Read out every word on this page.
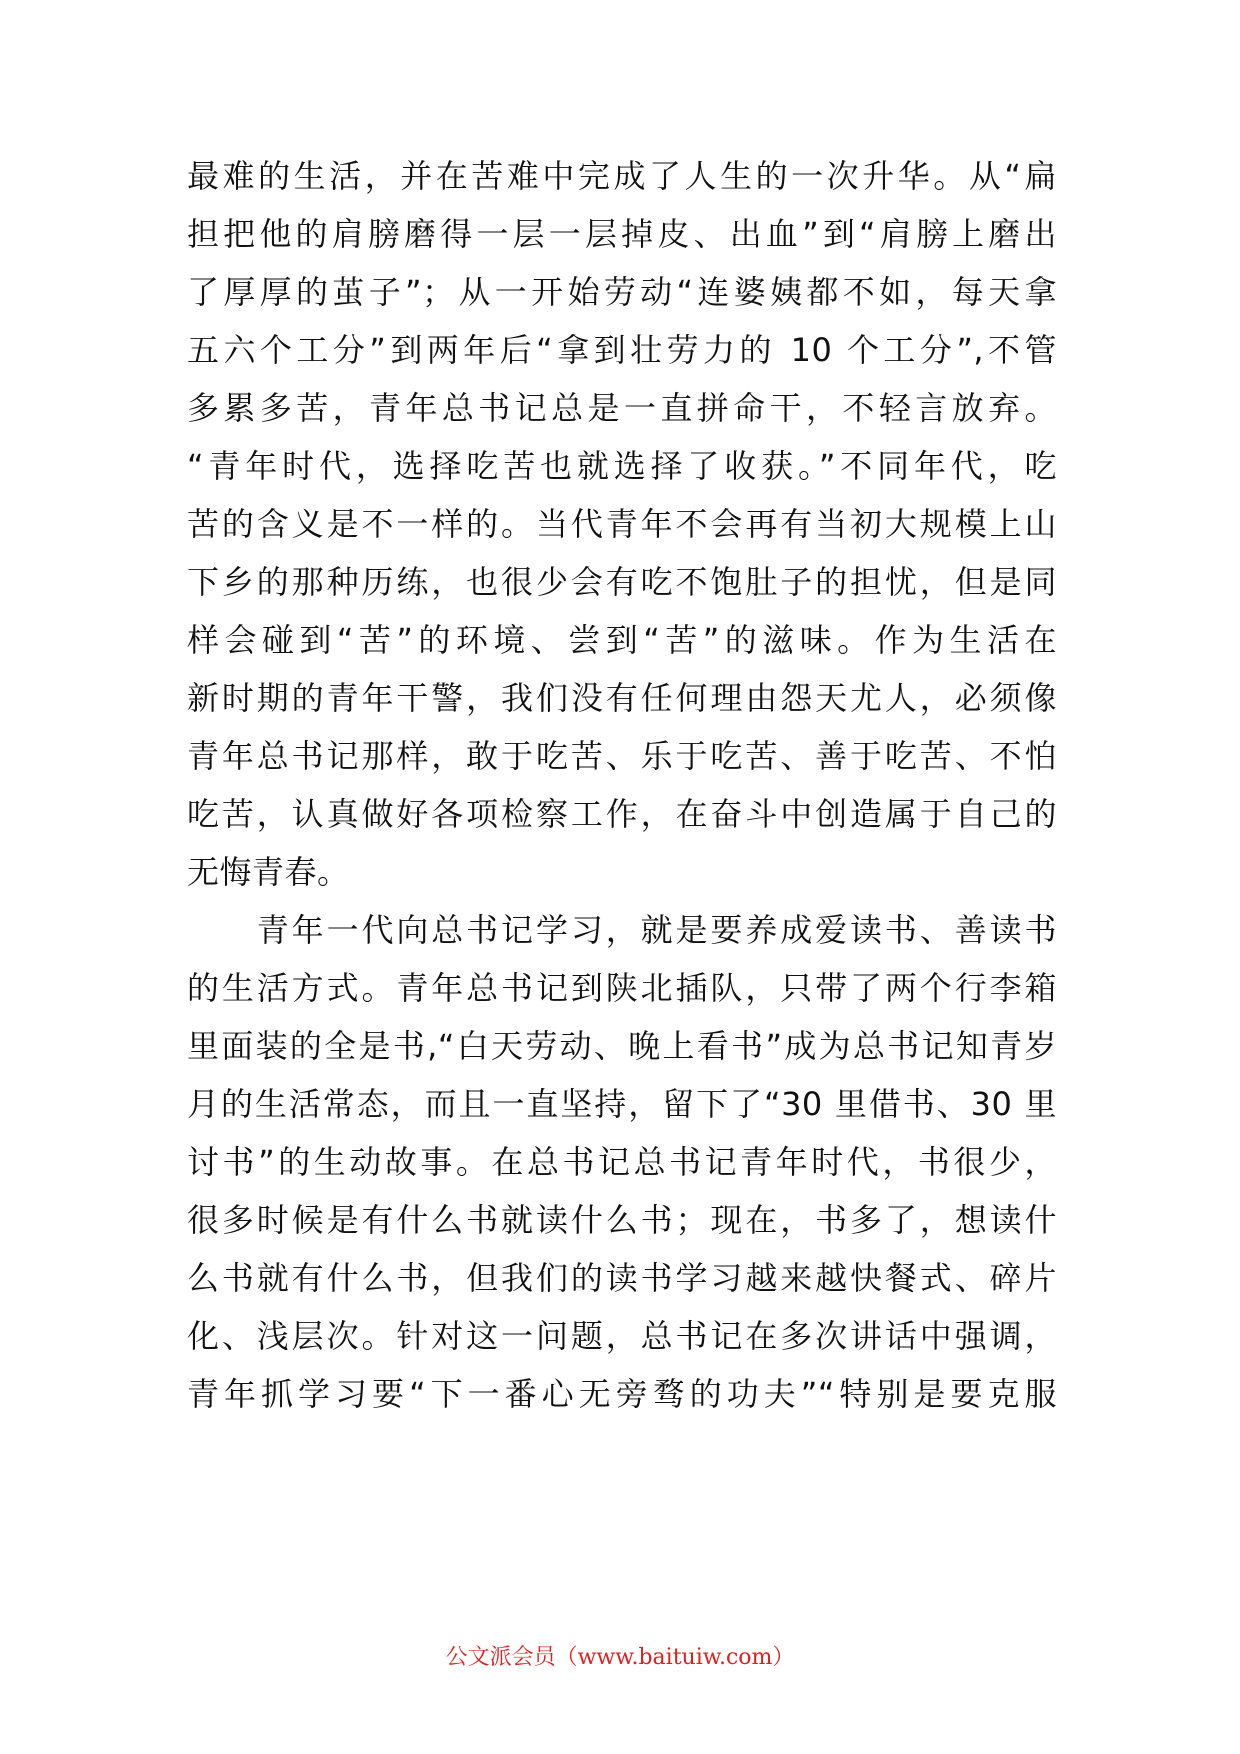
最难的生活，并在苦难中完成了人生的一次升华。从“扁
担把他的肩膀磨得一层一层掉皮、出血”到“肩膀上磨出
了厚厚的茧子”；从一开始劳动“连婆姨都不如，每天拿
五六个工分”到两年后“拿到壮劳力的 10 个工分”,不管
多累多苦，青年总书记总是一直拼命干，不轻言放弃。
“青年时代，选择吃苦也就选择了收获。”不同年代，吃
苦的含义是不一样的。当代青年不会再有当初大规模上山
下乡的那种历练，也很少会有吃不饱肚子的担忧，但是同
样会碰到“苦”的环境、尝到“苦”的滋味。作为生活在
新时期的青年干警，我们没有任何理由怨天尤人，必须像
青年总书记那样，敢于吃苦、乐于吃苦、善于吃苦、不怕
吃苦，认真做好各项检察工作，在奋斗中创造属于自己的
无悔青春。
　　青年一代向总书记学习，就是要养成爱读书、善读书
的生活方式。青年总书记到陕北插队，只带了两个行李箱
里面装的全是书,“白天劳动、晚上看书”成为总书记知青岁
月的生活常态，而且一直坚持，留下了“30 里借书、30 里
讨书”的生动故事。在总书记总书记青年时代，书很少，
很多时候是有什么书就读什么书；现在，书多了，想读什
么书就有什么书，但我们的读书学习越来越快餐式、碎片
化、浅层次。针对这一问题，总书记在多次讲话中强调，
青年抓学习要“下一番心无旁骛的功夫”“特别是要克服
公文派会员（www.baituiw.com）
